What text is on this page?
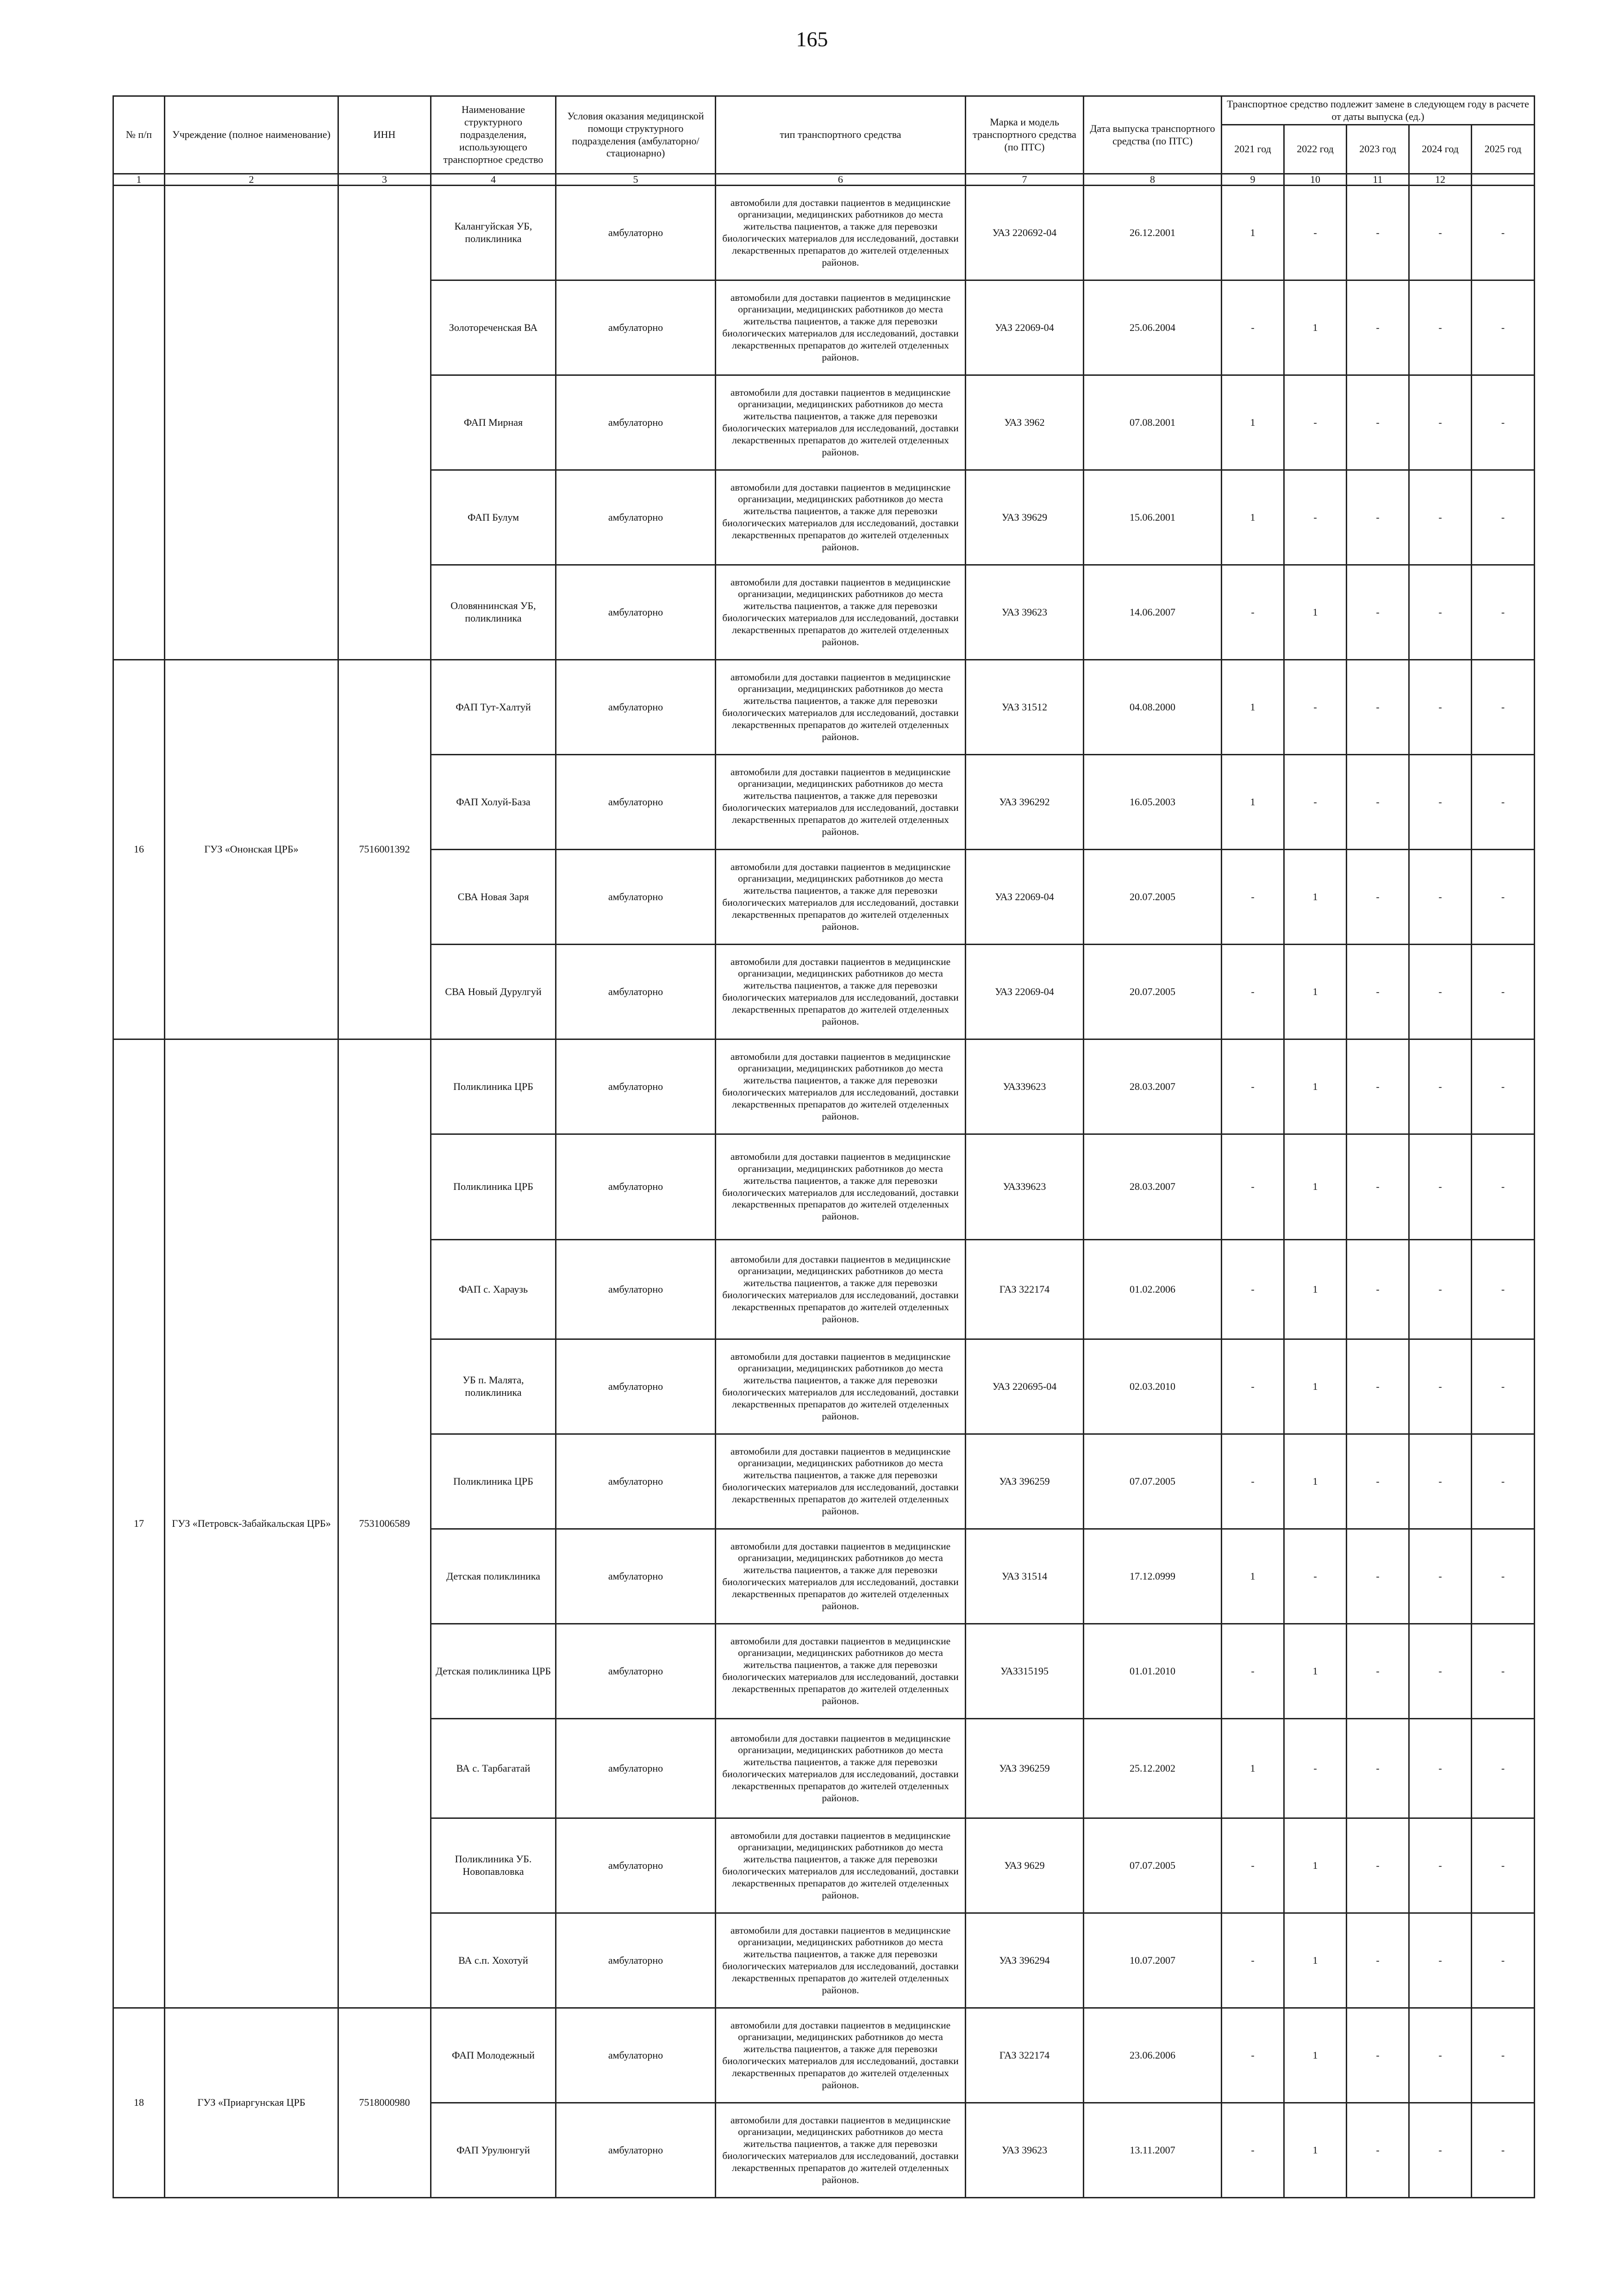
165
№ п/п	Учреждение (полное наименование)	ИНН	Наименование структурного подразделения, использующего транспортное средство	Условия оказания медицинской помощи структурного подразделения (амбулаторно/стационарно)	тип транспортного средства	Марка и модель транспортного средства (по ПТС)	Дата выпуска транспортного средства (по ПТС)	Транспортное средство подлежит замене в следующем году в расчете от даты выпуска (ед.)				
								2021 год	2022 год	2023 год	2024 год	2025 год
1	2	3	4	5	6	7	8	9	10	11	12	
			Калангуйская УБ, поликлиника	амбулаторно	автомобили для доставки пациентов в медицинские организации, медицинских работников до места жительства пациентов, а также для перевозки биологических материалов для исследований, доставки лекарственных препаратов до жителей отделенных районов.	УАЗ 220692-04	26.12.2001	1	-	-	-	-
			Золотореченская ВА	амбулаторно	автомобили для доставки пациентов в медицинские организации, медицинских работников до места жительства пациентов, а также для перевозки биологических материалов для исследований, доставки лекарственных препаратов до жителей отделенных районов.	УАЗ 22069-04	25.06.2004	-	1	-	-	-
			ФАП Мирная	амбулаторно	автомобили для доставки пациентов в медицинские организации, медицинских работников до места жительства пациентов, а также для перевозки биологических материалов для исследований, доставки лекарственных препаратов до жителей отделенных районов.	УАЗ 3962	07.08.2001	1	-	-	-	-
			ФАП Булум	амбулаторно	автомобили для доставки пациентов в медицинские организации, медицинских работников до места жительства пациентов, а также для перевозки биологических материалов для исследований, доставки лекарственных препаратов до жителей отделенных районов.	УАЗ 39629	15.06.2001	1	-	-	-	-
			Оловяннинская УБ, поликлиника	амбулаторно	автомобили для доставки пациентов в медицинские организации, медицинских работников до места жительства пациентов, а также для перевозки биологических материалов для исследований, доставки лекарственных препаратов до жителей отделенных районов.	УАЗ 39623	14.06.2007	-	1	-	-	-
16	ГУЗ «Ононская ЦРБ»	7516001392	ФАП Тут-Халтуй	амбулаторно	автомобили для доставки пациентов в медицинские организации, медицинских работников до места жительства пациентов, а также для перевозки биологических материалов для исследований, доставки лекарственных препаратов до жителей отделенных районов.	УАЗ 31512	04.08.2000	1	-	-	-	-
			ФАП Холуй-База	амбулаторно	автомобили для доставки пациентов в медицинские организации, медицинских работников до места жительства пациентов, а также для перевозки биологических материалов для исследований, доставки лекарственных препаратов до жителей отделенных районов.	УАЗ 396292	16.05.2003	1	-	-	-	-
			СВА Новая Заря	амбулаторно	автомобили для доставки пациентов в медицинские организации, медицинских работников до места жительства пациентов, а также для перевозки биологических материалов для исследований, доставки лекарственных препаратов до жителей отделенных районов.	УАЗ 22069-04	20.07.2005	-	1	-	-	-
			СВА Новый Дурулгуй	амбулаторно	автомобили для доставки пациентов в медицинские организации, медицинских работников до места жительства пациентов, а также для перевозки биологических материалов для исследований, доставки лекарственных препаратов до жителей отделенных районов.	УАЗ 22069-04	20.07.2005	-	1	-	-	-
17	ГУЗ «Петровск-Забайкальская ЦРБ»	7531006589	Поликлиника ЦРБ	амбулаторно	автомобили для доставки пациентов в медицинские организации, медицинских работников до места жительства пациентов, а также для перевозки биологических материалов для исследований, доставки лекарственных препаратов до жителей отделенных районов.	УАЗ39623	28.03.2007	-	1	-	-	-
			Поликлиника ЦРБ	амбулаторно	автомобили для доставки пациентов в медицинские организации, медицинских работников до места жительства пациентов, а также для перевозки биологических материалов для исследований, доставки лекарственных препаратов до жителей отделенных районов.	УАЗ39623	28.03.2007	-	1	-	-	-
			ФАП с. Хараузь	амбулаторно	автомобили для доставки пациентов в медицинские организации, медицинских работников до места жительства пациентов, а также для перевозки биологических материалов для исследований, доставки лекарственных препаратов до жителей отделенных районов.	ГАЗ 322174	01.02.2006	-	1	-	-	-
			УБ п. Малята, поликлиника	амбулаторно	автомобили для доставки пациентов в медицинские организации, медицинских работников до места жительства пациентов, а также для перевозки биологических материалов для исследований, доставки лекарственных препаратов до жителей отделенных районов.	УАЗ 220695-04	02.03.2010	-	1	-	-	-
			Поликлиника ЦРБ	амбулаторно	автомобили для доставки пациентов в медицинские организации, медицинских работников до места жительства пациентов, а также для перевозки биологических материалов для исследований, доставки лекарственных препаратов до жителей отделенных районов.	УАЗ 396259	07.07.2005	-	1	-	-	-
			Детская поликлиника	амбулаторно	автомобили для доставки пациентов в медицинские организации, медицинских работников до места жительства пациентов, а также для перевозки биологических материалов для исследований, доставки лекарственных препаратов до жителей отделенных районов.	УАЗ 31514	17.12.0999	1	-	-	-	-
			Детская поликлиника ЦРБ	амбулаторно	автомобили для доставки пациентов в медицинские организации, медицинских работников до места жительства пациентов, а также для перевозки биологических материалов для исследований, доставки лекарственных препаратов до жителей отделенных районов.	УАЗ315195	01.01.2010	-	1	-	-	-
			ВА с. Тарбагатай	амбулаторно	автомобили для доставки пациентов в медицинские организации, медицинских работников до места жительства пациентов, а также для перевозки биологических материалов для исследований, доставки лекарственных препаратов до жителей отделенных районов.	УАЗ 396259	25.12.2002	1	-	-	-	-
			Поликлиника УБ. Новопавловка	амбулаторно	автомобили для доставки пациентов в медицинские организации, медицинских работников до места жительства пациентов, а также для перевозки биологических материалов для исследований, доставки лекарственных препаратов до жителей отделенных районов.	УАЗ 9629	07.07.2005	-	1	-	-	-
			ВА с.п. Хохотуй	амбулаторно	автомобили для доставки пациентов в медицинские организации, медицинских работников до места жительства пациентов, а также для перевозки биологических материалов для исследований, доставки лекарственных препаратов до жителей отделенных районов.	УАЗ 396294	10.07.2007	-	1	-	-	-
18	ГУЗ «Приаргунская ЦРБ	7518000980	ФАП Молодежный	амбулаторно	автомобили для доставки пациентов в медицинские организации, медицинских работников до места жительства пациентов, а также для перевозки биологических материалов для исследований, доставки лекарственных препаратов до жителей отделенных районов.	ГАЗ 322174	23.06.2006	-	1	-	-	-
			ФАП Урулюнгуй	амбулаторно	автомобили для доставки пациентов в медицинские организации, медицинских работников до места жительства пациентов, а также для перевозки биологических материалов для исследований, доставки лекарственных препаратов до жителей отделенных районов.	УАЗ 39623	13.11.2007	-	1	-	-	-
